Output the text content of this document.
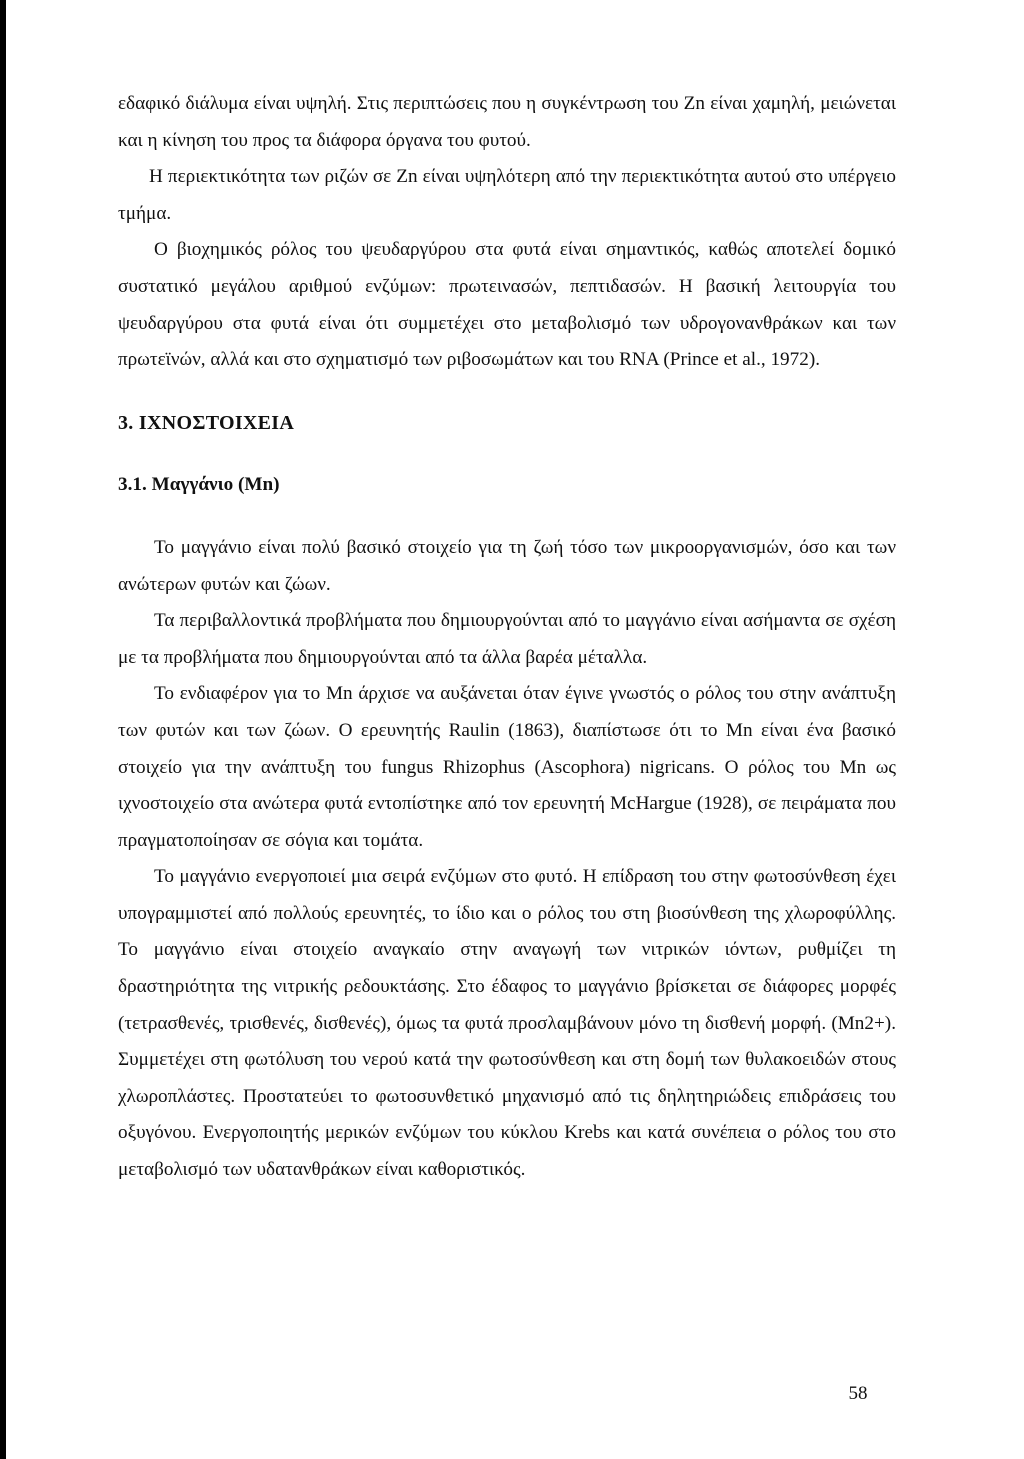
εδαφικό διάλυμα είναι υψηλή. Στις περιπτώσεις που η συγκέντρωση του Zn είναι χαμηλή, μειώνεται και η κίνηση του προς τα διάφορα όργανα του φυτού.

Η περιεκτικότητα των ριζών σε Zn είναι υψηλότερη από την περιεκτικότητα αυτού στο υπέργειο τμήμα.

Ο βιοχημικός ρόλος του ψευδαργύρου στα φυτά είναι σημαντικός, καθώς αποτελεί δομικό συστατικό μεγάλου αριθμού ενζύμων: πρωτεινασών, πεπτιδασών. Η βασική λειτουργία του ψευδαργύρου στα φυτά είναι ότι συμμετέχει στο μεταβολισμό των υδρογονανθράκων και των πρωτεϊνών, αλλά και στο σχηματισμό των ριβοσωμάτων και του RNA (Prince et al., 1972).

3. ΙΧΝΟΣΤΟΙΧΕΙΑ
3.1. Μαγγάνιο (Mn)

Το μαγγάνιο είναι πολύ βασικό στοιχείο για τη ζωή τόσο των μικροοργανισμών, όσο και των ανώτερων φυτών και ζώων.

Τα περιβαλλοντικά προβλήματα που δημιουργούνται από το μαγγάνιο είναι ασήμαντα σε σχέση με τα προβλήματα που δημιουργούνται από τα άλλα βαρέα μέταλλα.

Το ενδιαφέρον για το Mn άρχισε να αυξάνεται όταν έγινε γνωστός ο ρόλος του στην ανάπτυξη των φυτών και των ζώων. Ο ερευνητής Raulin (1863), διαπίστωσε ότι το Mn είναι ένα βασικό στοιχείο για την ανάπτυξη του fungus Rhizophus (Ascophora) nigricans. Ο ρόλος του Mn ως ιχνοστοιχείο στα ανώτερα φυτά εντοπίστηκε από τον ερευνητή McHargue (1928), σε πειράματα που πραγματοποίησαν σε σόγια και τομάτα.

Το μαγγάνιο ενεργοποιεί μια σειρά ενζύμων στο φυτό. Η επίδραση του στην φωτοσύνθεση έχει υπογραμμιστεί από πολλούς ερευνητές, το ίδιο και ο ρόλος του στη βιοσύνθεση της χλωροφύλλης. Το μαγγάνιο είναι στοιχείο αναγκαίο στην αναγωγή των νιτρικών ιόντων, ρυθμίζει τη δραστηριότητα της νιτρικής ρεδουκτάσης. Στο έδαφος το μαγγάνιο βρίσκεται σε διάφορες μορφές (τετρασθενές, τρισθενές, δισθενές), όμως τα φυτά προσλαμβάνουν μόνο τη δισθενή μορφή. (Mn2+). Συμμετέχει στη φωτόλυση του νερού κατά την φωτοσύνθεση και στη δομή των θυλακοειδών στους χλωροπλάστες. Προστατεύει το φωτοσυνθετικό μηχανισμό από τις δηλητηριώδεις επιδράσεις του οξυγόνου. Ενεργοποιητής μερικών ενζύμων του κύκλου Krebs και κατά συνέπεια ο ρόλος του στο μεταβολισμό των υδατανθράκων είναι καθοριστικός.

58
